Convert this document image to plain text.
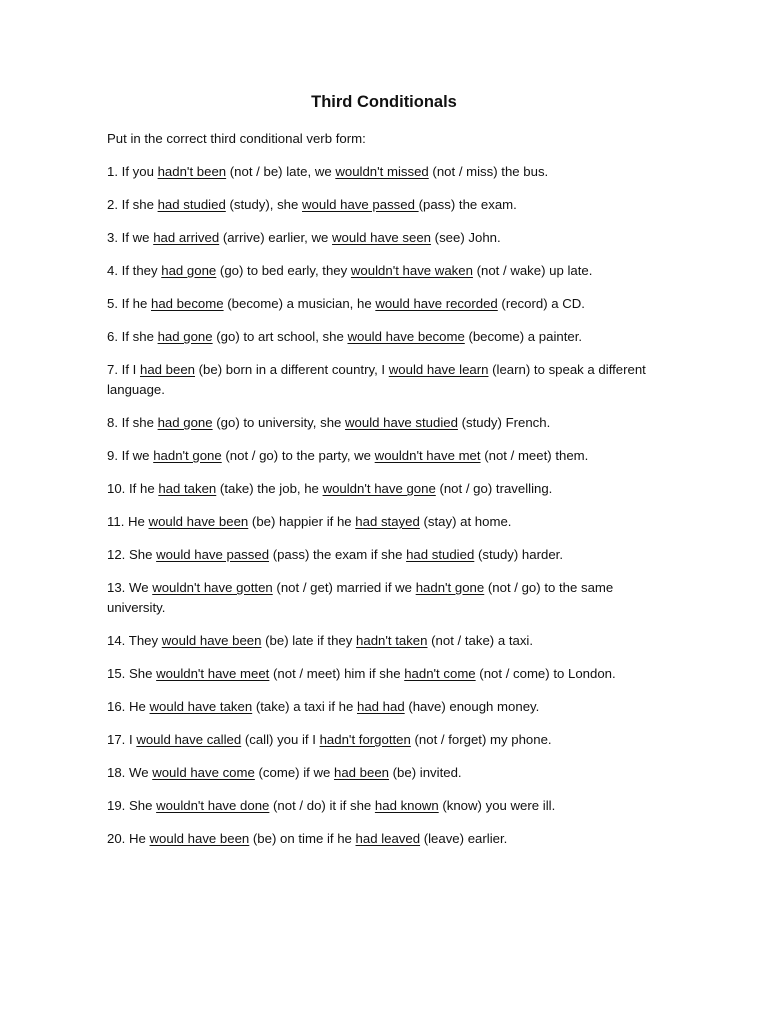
Third Conditionals
Put in the correct third conditional verb form:
1. If you hadn't been (not / be) late, we wouldn't missed (not / miss) the bus.
2. If she had studied (study), she would have passed (pass) the exam.
3. If we had arrived (arrive) earlier, we would have seen (see) John.
4. If they had gone (go) to bed early, they wouldn't have waken (not / wake) up late.
5. If he had become (become) a musician, he would have recorded (record) a CD.
6. If she had gone (go) to art school, she would have become (become) a painter.
7. If I had been (be) born in a different country, I would have learn (learn) to speak a different language.
8. If she had gone (go) to university, she would have studied (study) French.
9. If we hadn't gone (not / go) to the party, we wouldn't have met (not / meet) them.
10. If he had taken (take) the job, he wouldn't have gone (not / go) travelling.
11. He would have been (be) happier if he had stayed (stay) at home.
12. She would have passed (pass) the exam if she had studied (study) harder.
13. We wouldn't have gotten (not / get) married if we hadn't gone (not / go) to the same university.
14. They would have been (be) late if they hadn't taken (not / take) a taxi.
15. She wouldn't have meet (not / meet) him if she hadn't come (not / come) to London.
16. He would have taken (take) a taxi if he had had (have) enough money.
17. I would have called (call) you if I hadn't forgotten (not / forget) my phone.
18. We would have come (come) if we had been (be) invited.
19. She wouldn't have done (not / do) it if she had known (know) you were ill.
20. He would have been (be) on time if he had leaved (leave) earlier.
